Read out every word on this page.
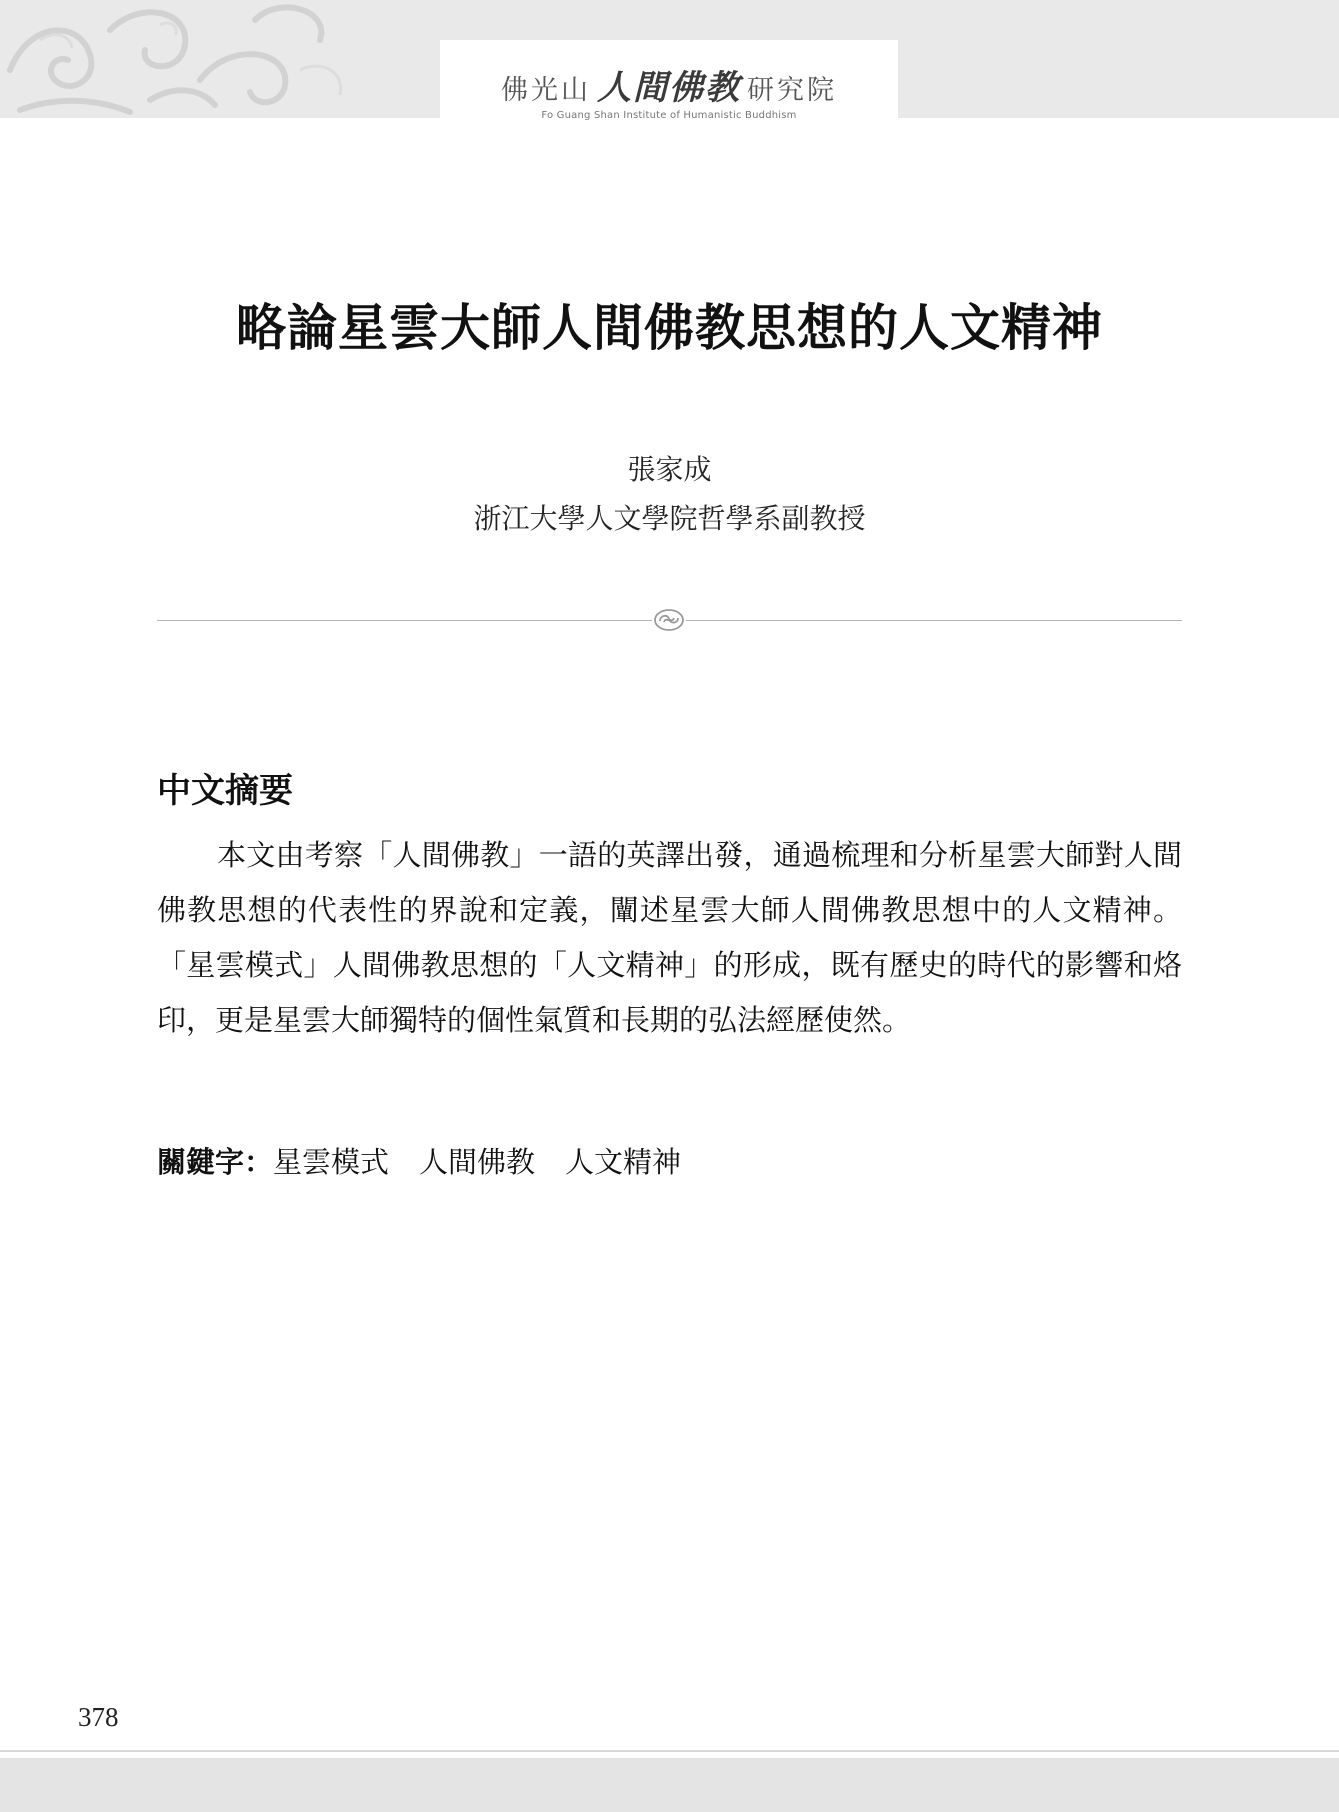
佛光山 人間佛教 研究院
Fo Guang Shan Institute of Humanistic Buddhism
略論星雲大師人間佛教思想的人文精神
張家成
浙江大學人文學院哲學系副教授
中文摘要

本文由考察「人間佛教」一語的英譯出發，通過梳理和分析星雲大師對人間佛教思想的代表性的界說和定義，闡述星雲大師人間佛教思想中的人文精神。「星雲模式」人間佛教思想的「人文精神」的形成，既有歷史的時代的影響和烙印，更是星雲大師獨特的個性氣質和長期的弘法經歷使然。

關鍵字：星雲模式 人間佛教 人文精神
378
